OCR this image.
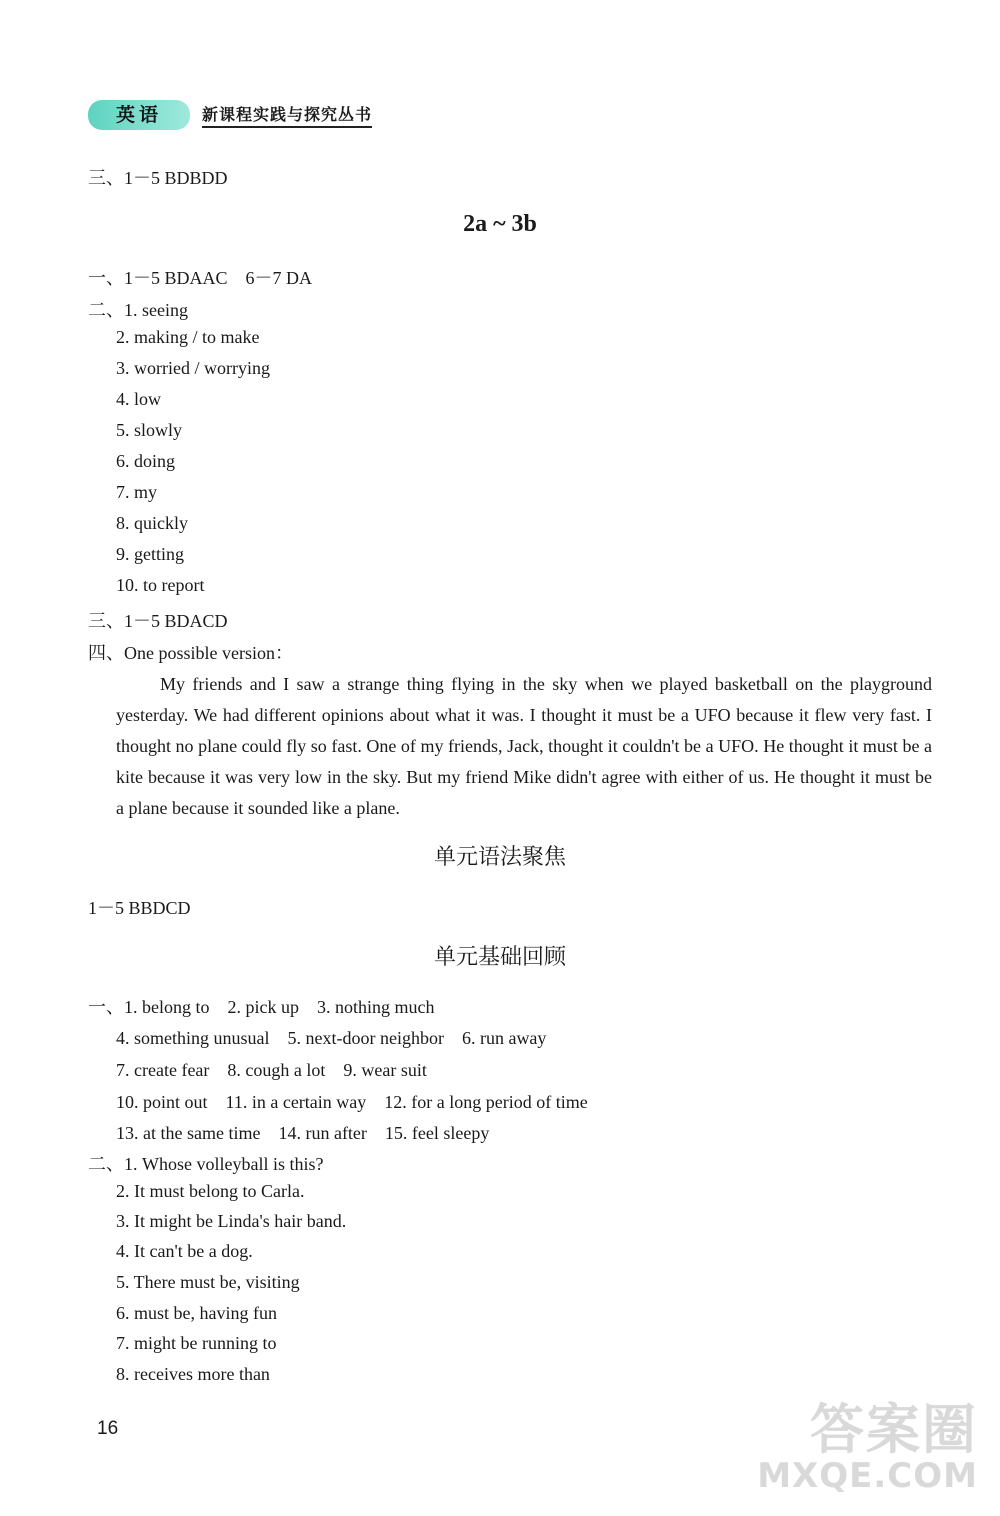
英语	新课程实践与探究丛书
三、1－5 BDBDD
2a ~ 3b
一、1－5 BDAAC　6－7 DA
二、1. seeing
2. making / to make
3. worried / worrying
4. low
5. slowly
6. doing
7. my
8. quickly
9. getting
10. to report
三、1－5 BDACD
四、One possible version：

My friends and I saw a strange thing flying in the sky when we played basketball on the playground yesterday. We had different opinions about what it was. I thought it must be a UFO because it flew very fast. I thought no plane could fly so fast. One of my friends, Jack, thought it couldn't be a UFO. He thought it must be a kite because it was very low in the sky. But my friend Mike didn't agree with either of us. He thought it must be a plane because it sounded like a plane.

单元语法聚焦
1－5 BBDCD
单元基础回顾
一、1. belong to　2. pick up　3. nothing much
4. something unusual　5. next-door neighbor　6. run away
7. create fear　8. cough a lot　9. wear suit
10. point out　11. in a certain way　12. for a long period of time
13. at the same time　14. run after　15. feel sleepy
二、1. Whose volleyball is this?
2. It must belong to Carla.
3. It might be Linda's hair band.
4. It can't be a dog.
5. There must be, visiting
6. must be, having fun
7. might be running to
8. receives more than
16	答案圈
MXQE.COM
